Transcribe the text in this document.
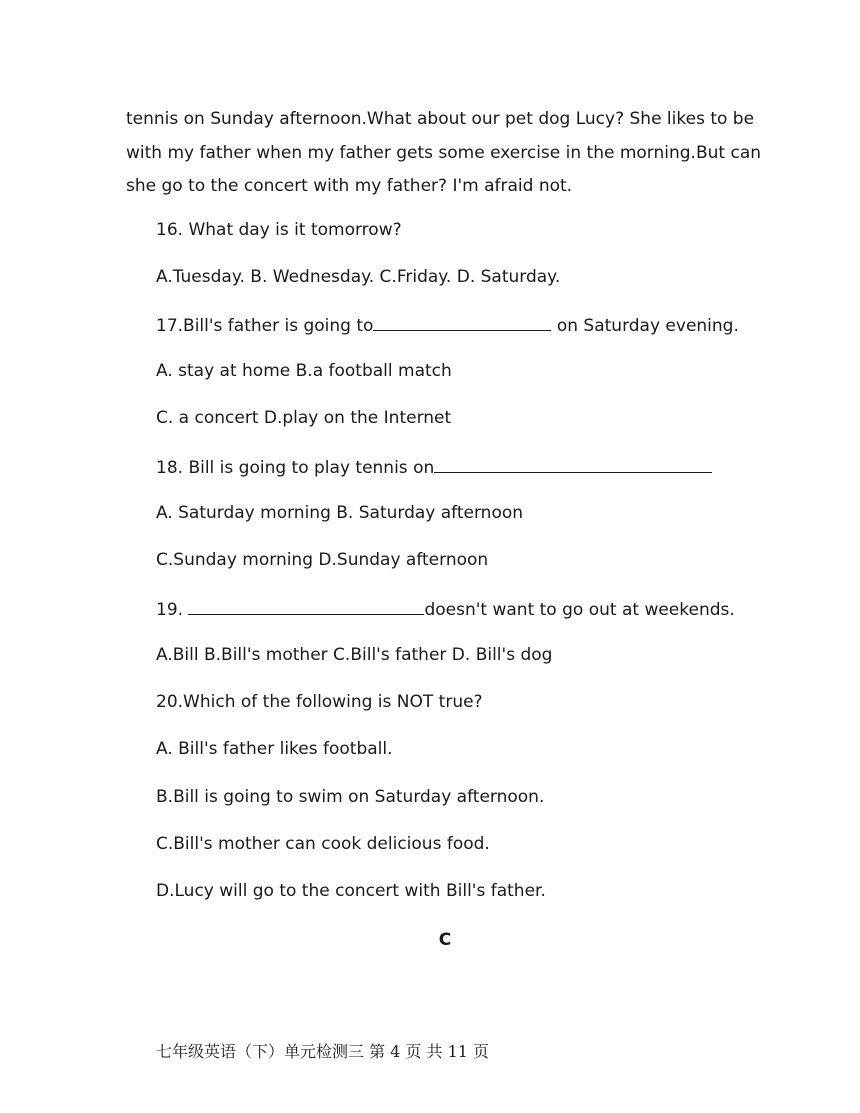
tennis on Sunday afternoon.What about our pet dog Lucy? She likes to be
with my father when my father gets some exercise in the morning.But can
she go to the concert with my father? I'm afraid not.
16. What day is it tomorrow?
A.Tuesday. B. Wednesday. C.Friday. D. Saturday.
17.Bill's father is going to	on Saturday evening.
A. stay at home B.a football match
C. a concert D.play on the Internet
18. Bill is going to play tennis on
A. Saturday morning B. Saturday afternoon
C.Sunday morning D.Sunday afternoon
19.	doesn't want to go out at weekends.
A.Bill B.Bill's mother C.Bill's father D. Bill's dog
20.Which of the following is NOT true?
A. Bill's father likes football.
B.Bill is going to swim on Saturday afternoon.
C.Bill's mother can cook delicious food.
D.Lucy will go to the concert with Bill's father.
C
七年级英语（下）单元检测三 第 4 页 共 11 页
